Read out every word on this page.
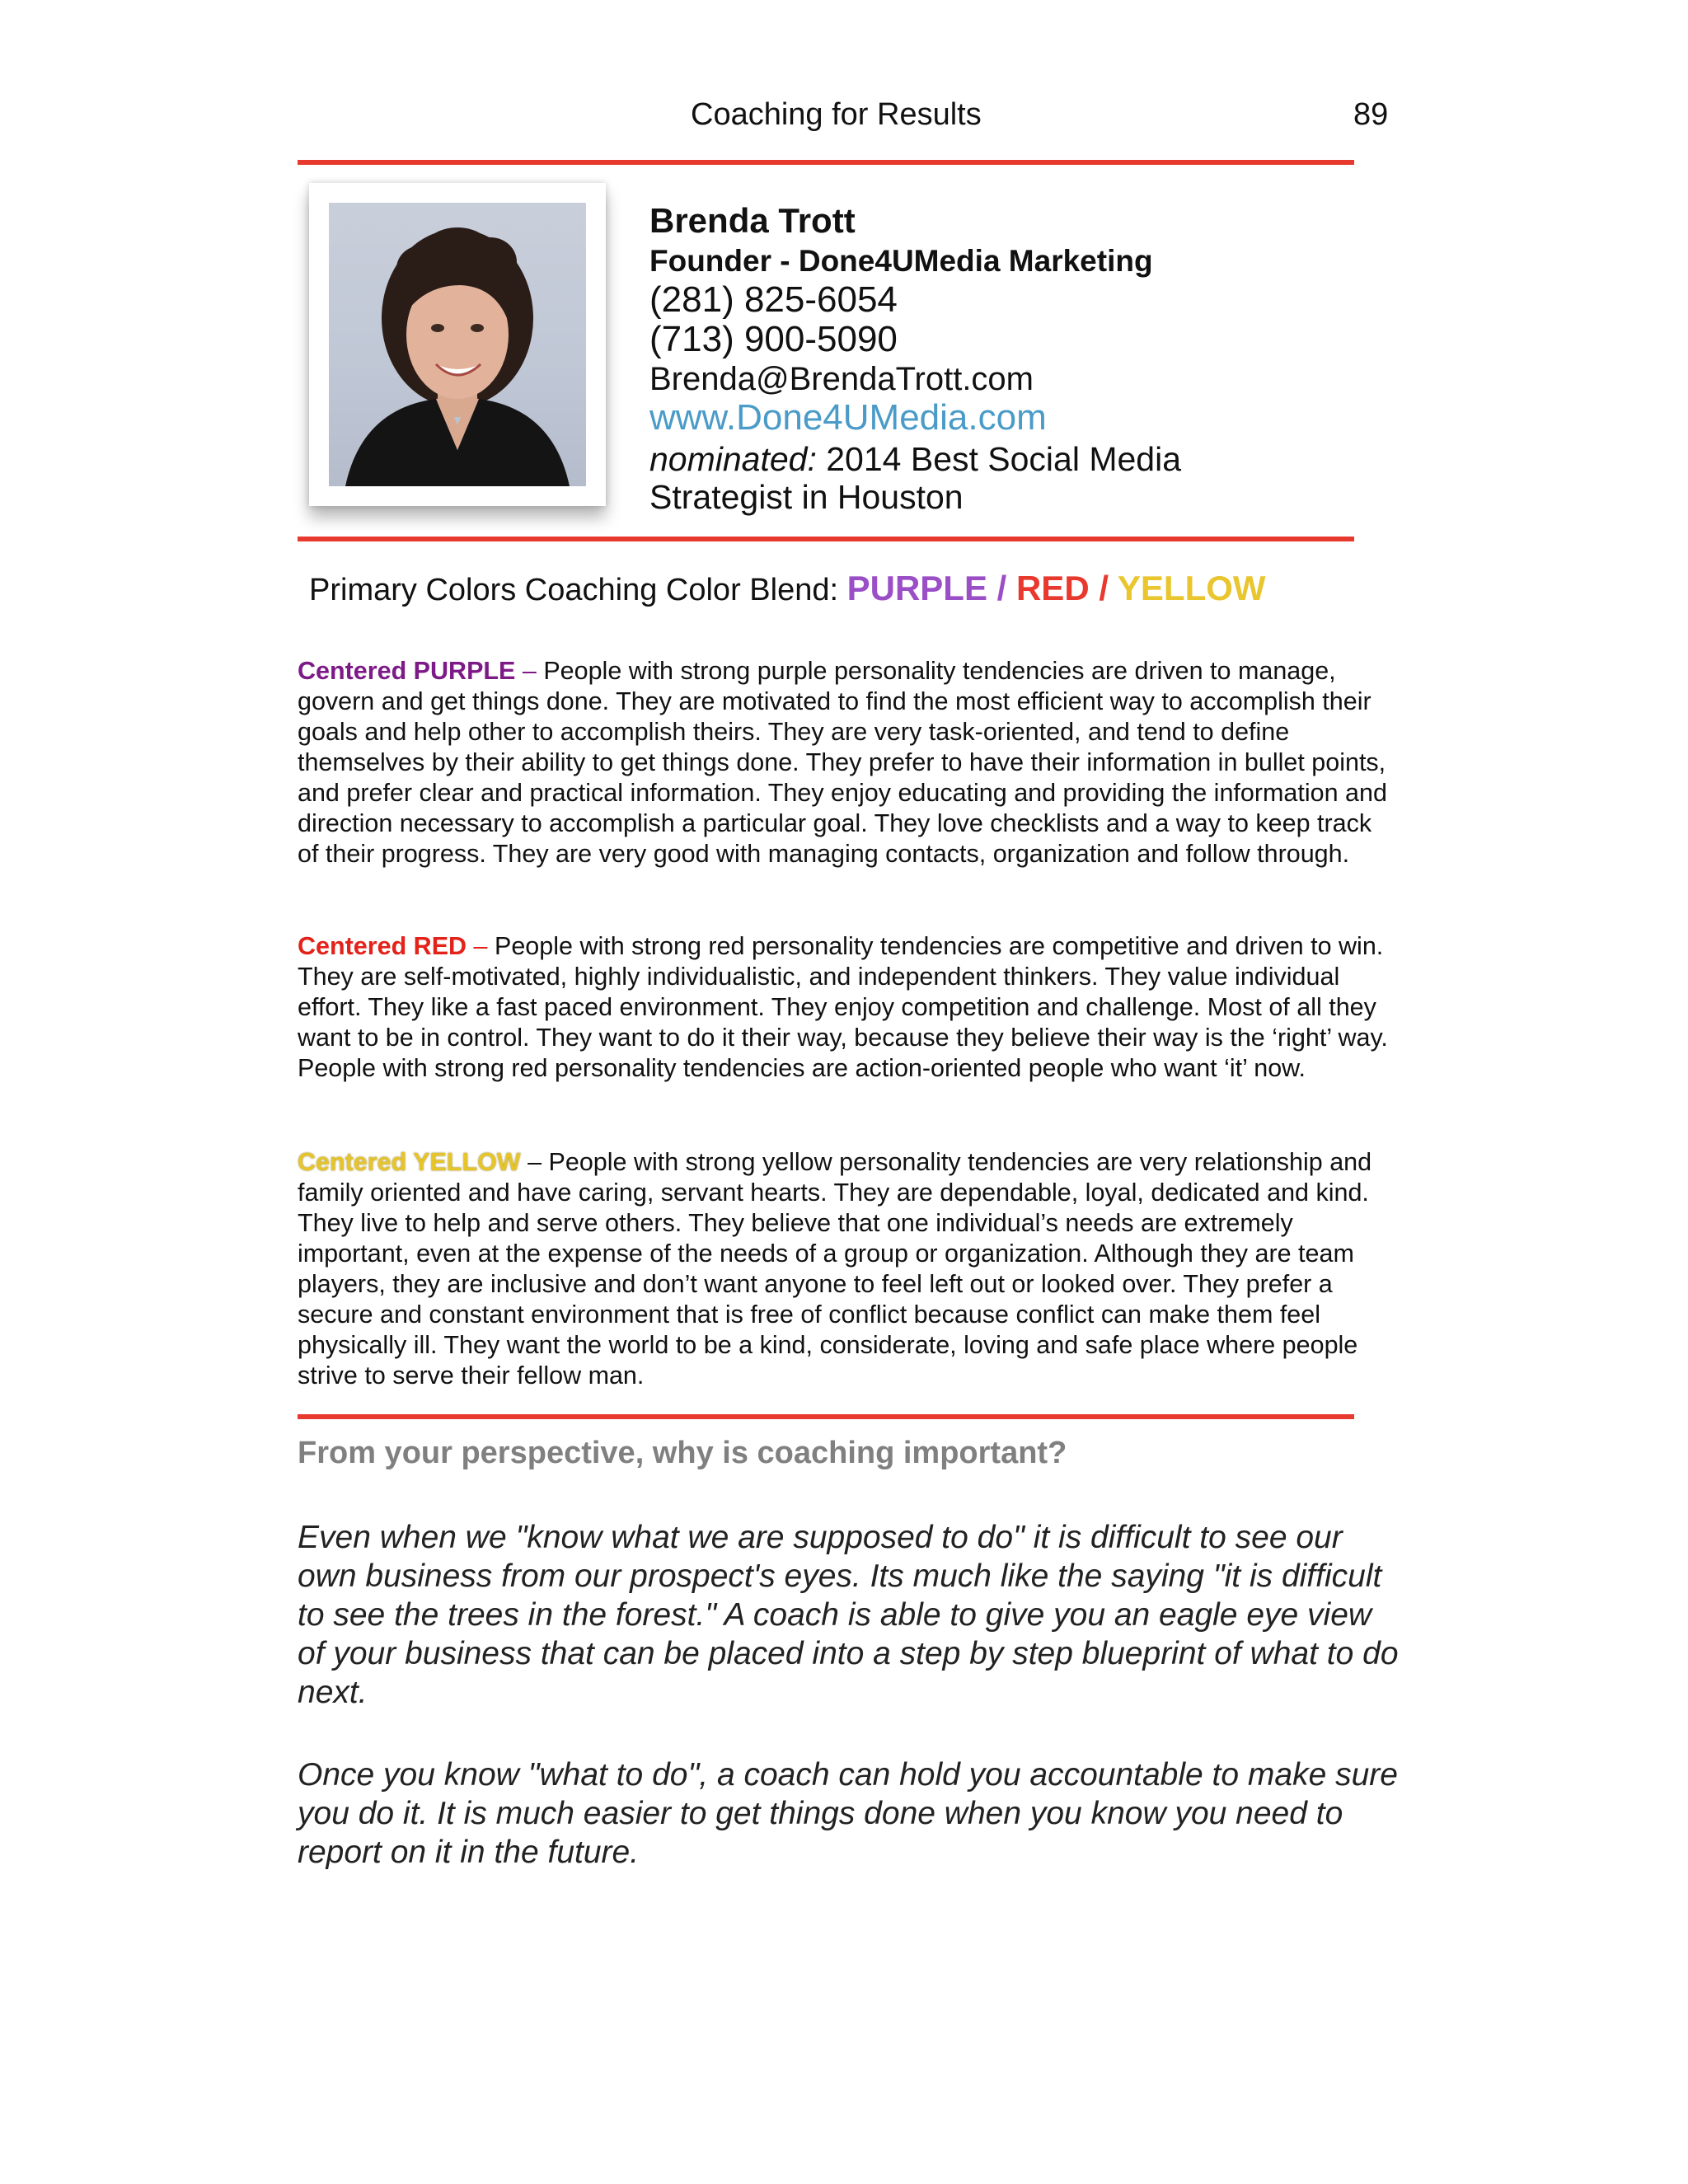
Coaching for Results	89
Brenda Trott
Founder - Done4UMedia Marketing
(281) 825-6054
(713) 900-5090
Brenda@BrendaTrott.com
www.Done4UMedia.com
nominated: 2014 Best Social Media
Strategist in Houston
Primary Colors Coaching Color Blend: PURPLE / RED / YELLOW
Centered PURPLE – People with strong purple personality tendencies are driven to manage, govern and get things done. They are motivated to find the most efficient way to accomplish their goals and help other to accomplish theirs. They are very task-oriented, and tend to define themselves by their ability to get things done. They prefer to have their information in bullet points, and prefer clear and practical information. They enjoy educating and providing the information and direction necessary to accomplish a particular goal. They love checklists and a way to keep track of their progress. They are very good with managing contacts, organization and follow through.
Centered RED – People with strong red personality tendencies are competitive and driven to win. They are self-motivated, highly individualistic, and independent thinkers. They value individual effort. They like a fast paced environment. They enjoy competition and challenge. Most of all they want to be in control. They want to do it their way, because they believe their way is the ‘right’ way. People with strong red personality tendencies are action-oriented people who want ‘it’ now.
Centered YELLOW – People with strong yellow personality tendencies are very relationship and family oriented and have caring, servant hearts. They are dependable, loyal, dedicated and kind. They live to help and serve others. They believe that one individual’s needs are extremely important, even at the expense of the needs of a group or organization. Although they are team players, they are inclusive and don’t want anyone to feel left out or looked over. They prefer a secure and constant environment that is free of conflict because conflict can make them feel physically ill. They want the world to be a kind, considerate, loving and safe place where people strive to serve their fellow man.
From your perspective, why is coaching important?
Even when we "know what we are supposed to do" it is difficult to see our own business from our prospect's eyes. Its much like the saying "it is difficult to see the trees in the forest." A coach is able to give you an eagle eye view of your business that can be placed into a step by step blueprint of what to do next.
Once you know "what to do", a coach can hold you accountable to make sure you do it. It is much easier to get things done when you know you need to report on it in the future.
